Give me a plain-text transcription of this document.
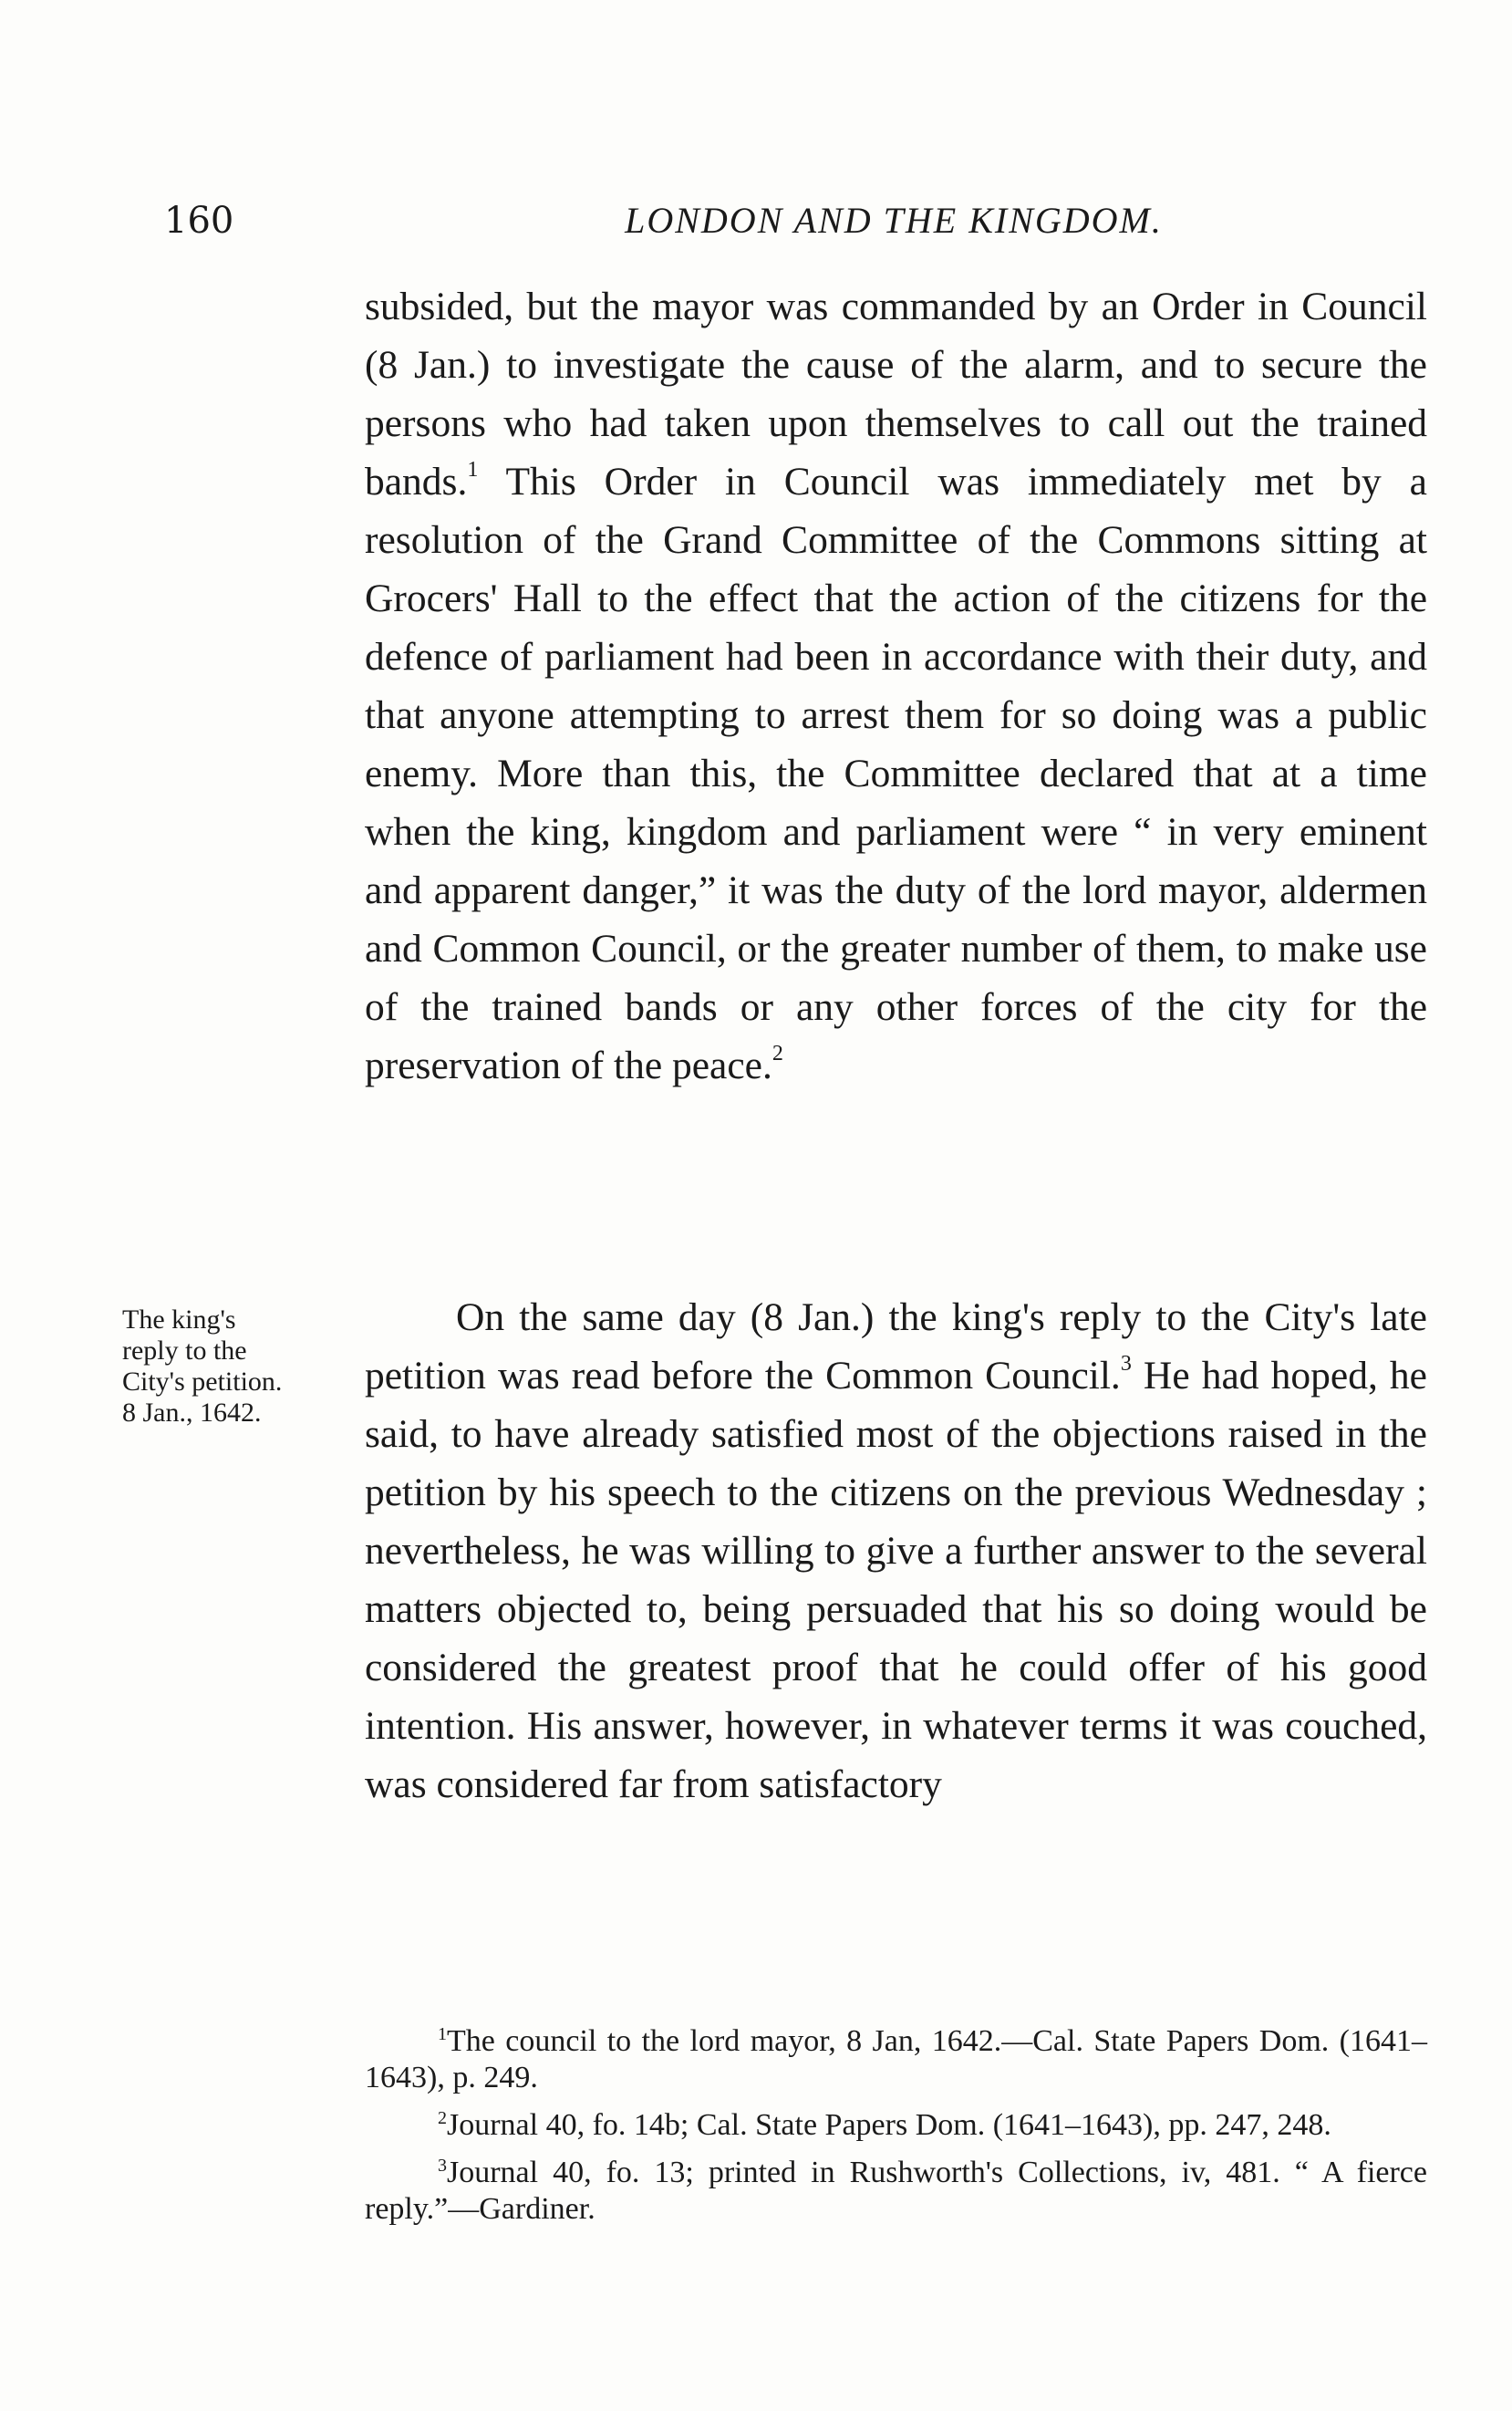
160	LONDON AND THE KINGDOM.

subsided, but the mayor was commanded by an Order in Council (8 Jan.) to investigate the cause of the alarm, and to secure the persons who had taken upon themselves to call out the trained bands.$^1$ This Order in Council was immediately met by a resolution of the Grand Committee of the Commons sitting at Grocers' Hall to the effect that the action of the citizens for the defence of parliament had been in accordance with their duty, and that anyone attempting to arrest them for so doing was a public enemy. More than this, the Committee declared that at a time when the king, kingdom and parliament were “ in very eminent and apparent danger,” it was the duty of the lord mayor, aldermen and Common Council, or the greater number of them, to make use of the trained bands or any other forces of the city for the preservation of the peace.$^2$

The king's
reply to the
City's petition.
8 Jan., 1642.

On the same day (8 Jan.) the king's reply to the City's late petition was read before the Common Council.$^3$ He had hoped, he said, to have already satisfied most of the objections raised in the petition by his speech to the citizens on the previous Wednesday ; nevertheless, he was willing to give a further answer to the several matters objected to, being persuaded that his so doing would be considered the greatest proof that he could offer of his good intention. His answer, however, in whatever terms it was couched, was considered far from satisfactory

$^1$The council to the lord mayor, 8 Jan, 1642.—Cal. State Papers Dom. (1641–1643), p. 249.

$^2$Journal 40, fo. 14b; Cal. State Papers Dom. (1641–1643), pp. 247, 248.

$^3$Journal 40, fo. 13; printed in Rushworth's Collections, iv, 481. “ A fierce reply.”—Gardiner.
